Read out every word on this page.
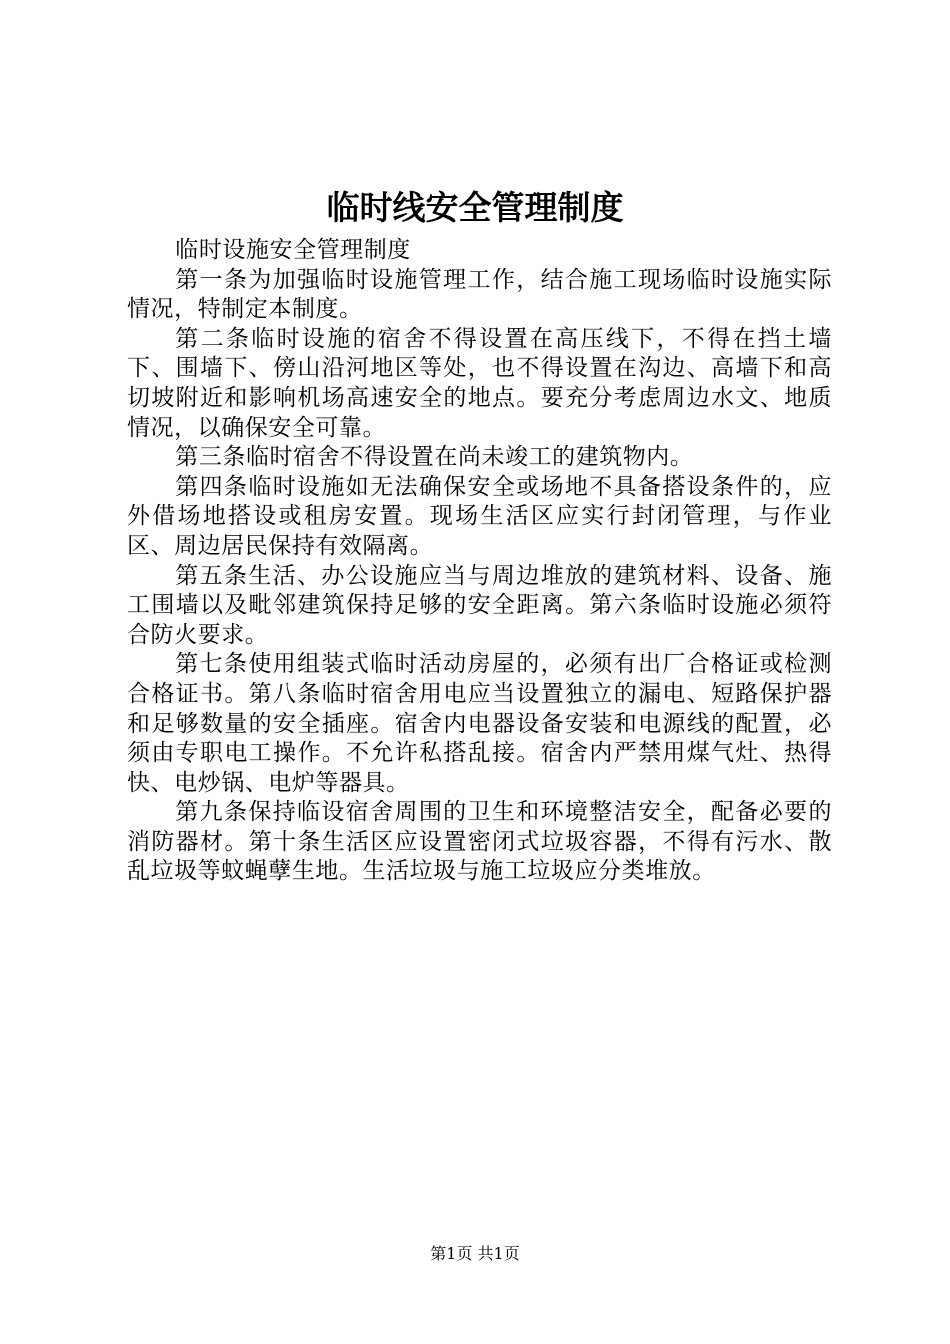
临时线安全管理制度

临时设施安全管理制度

第一条为加强临时设施管理工作，结合施工现场临时设施实际情况，特制定本制度。

第二条临时设施的宿舍不得设置在高压线下，不得在挡土墙下、围墙下、傍山沿河地区等处，也不得设置在沟边、高墙下和高切坡附近和影响机场高速安全的地点。要充分考虑周边水文、地质情况，以确保安全可靠。

第三条临时宿舍不得设置在尚未竣工的建筑物内。

第四条临时设施如无法确保安全或场地不具备搭设条件的，应外借场地搭设或租房安置。现场生活区应实行封闭管理，与作业区、周边居民保持有效隔离。

第五条生活、办公设施应当与周边堆放的建筑材料、设备、施工围墙以及毗邻建筑保持足够的安全距离。第六条临时设施必须符合防火要求。

第七条使用组装式临时活动房屋的，必须有出厂合格证或检测合格证书。第八条临时宿舍用电应当设置独立的漏电、短路保护器和足够数量的安全插座。宿舍内电器设备安装和电源线的配置，必须由专职电工操作。不允许私搭乱接。宿舍内严禁用煤气灶、热得快、电炒锅、电炉等器具。

第九条保持临设宿舍周围的卫生和环境整洁安全，配备必要的消防器材。第十条生活区应设置密闭式垃圾容器，不得有污水、散乱垃圾等蚊蝇孽生地。生活垃圾与施工垃圾应分类堆放。

第1页 共1页
